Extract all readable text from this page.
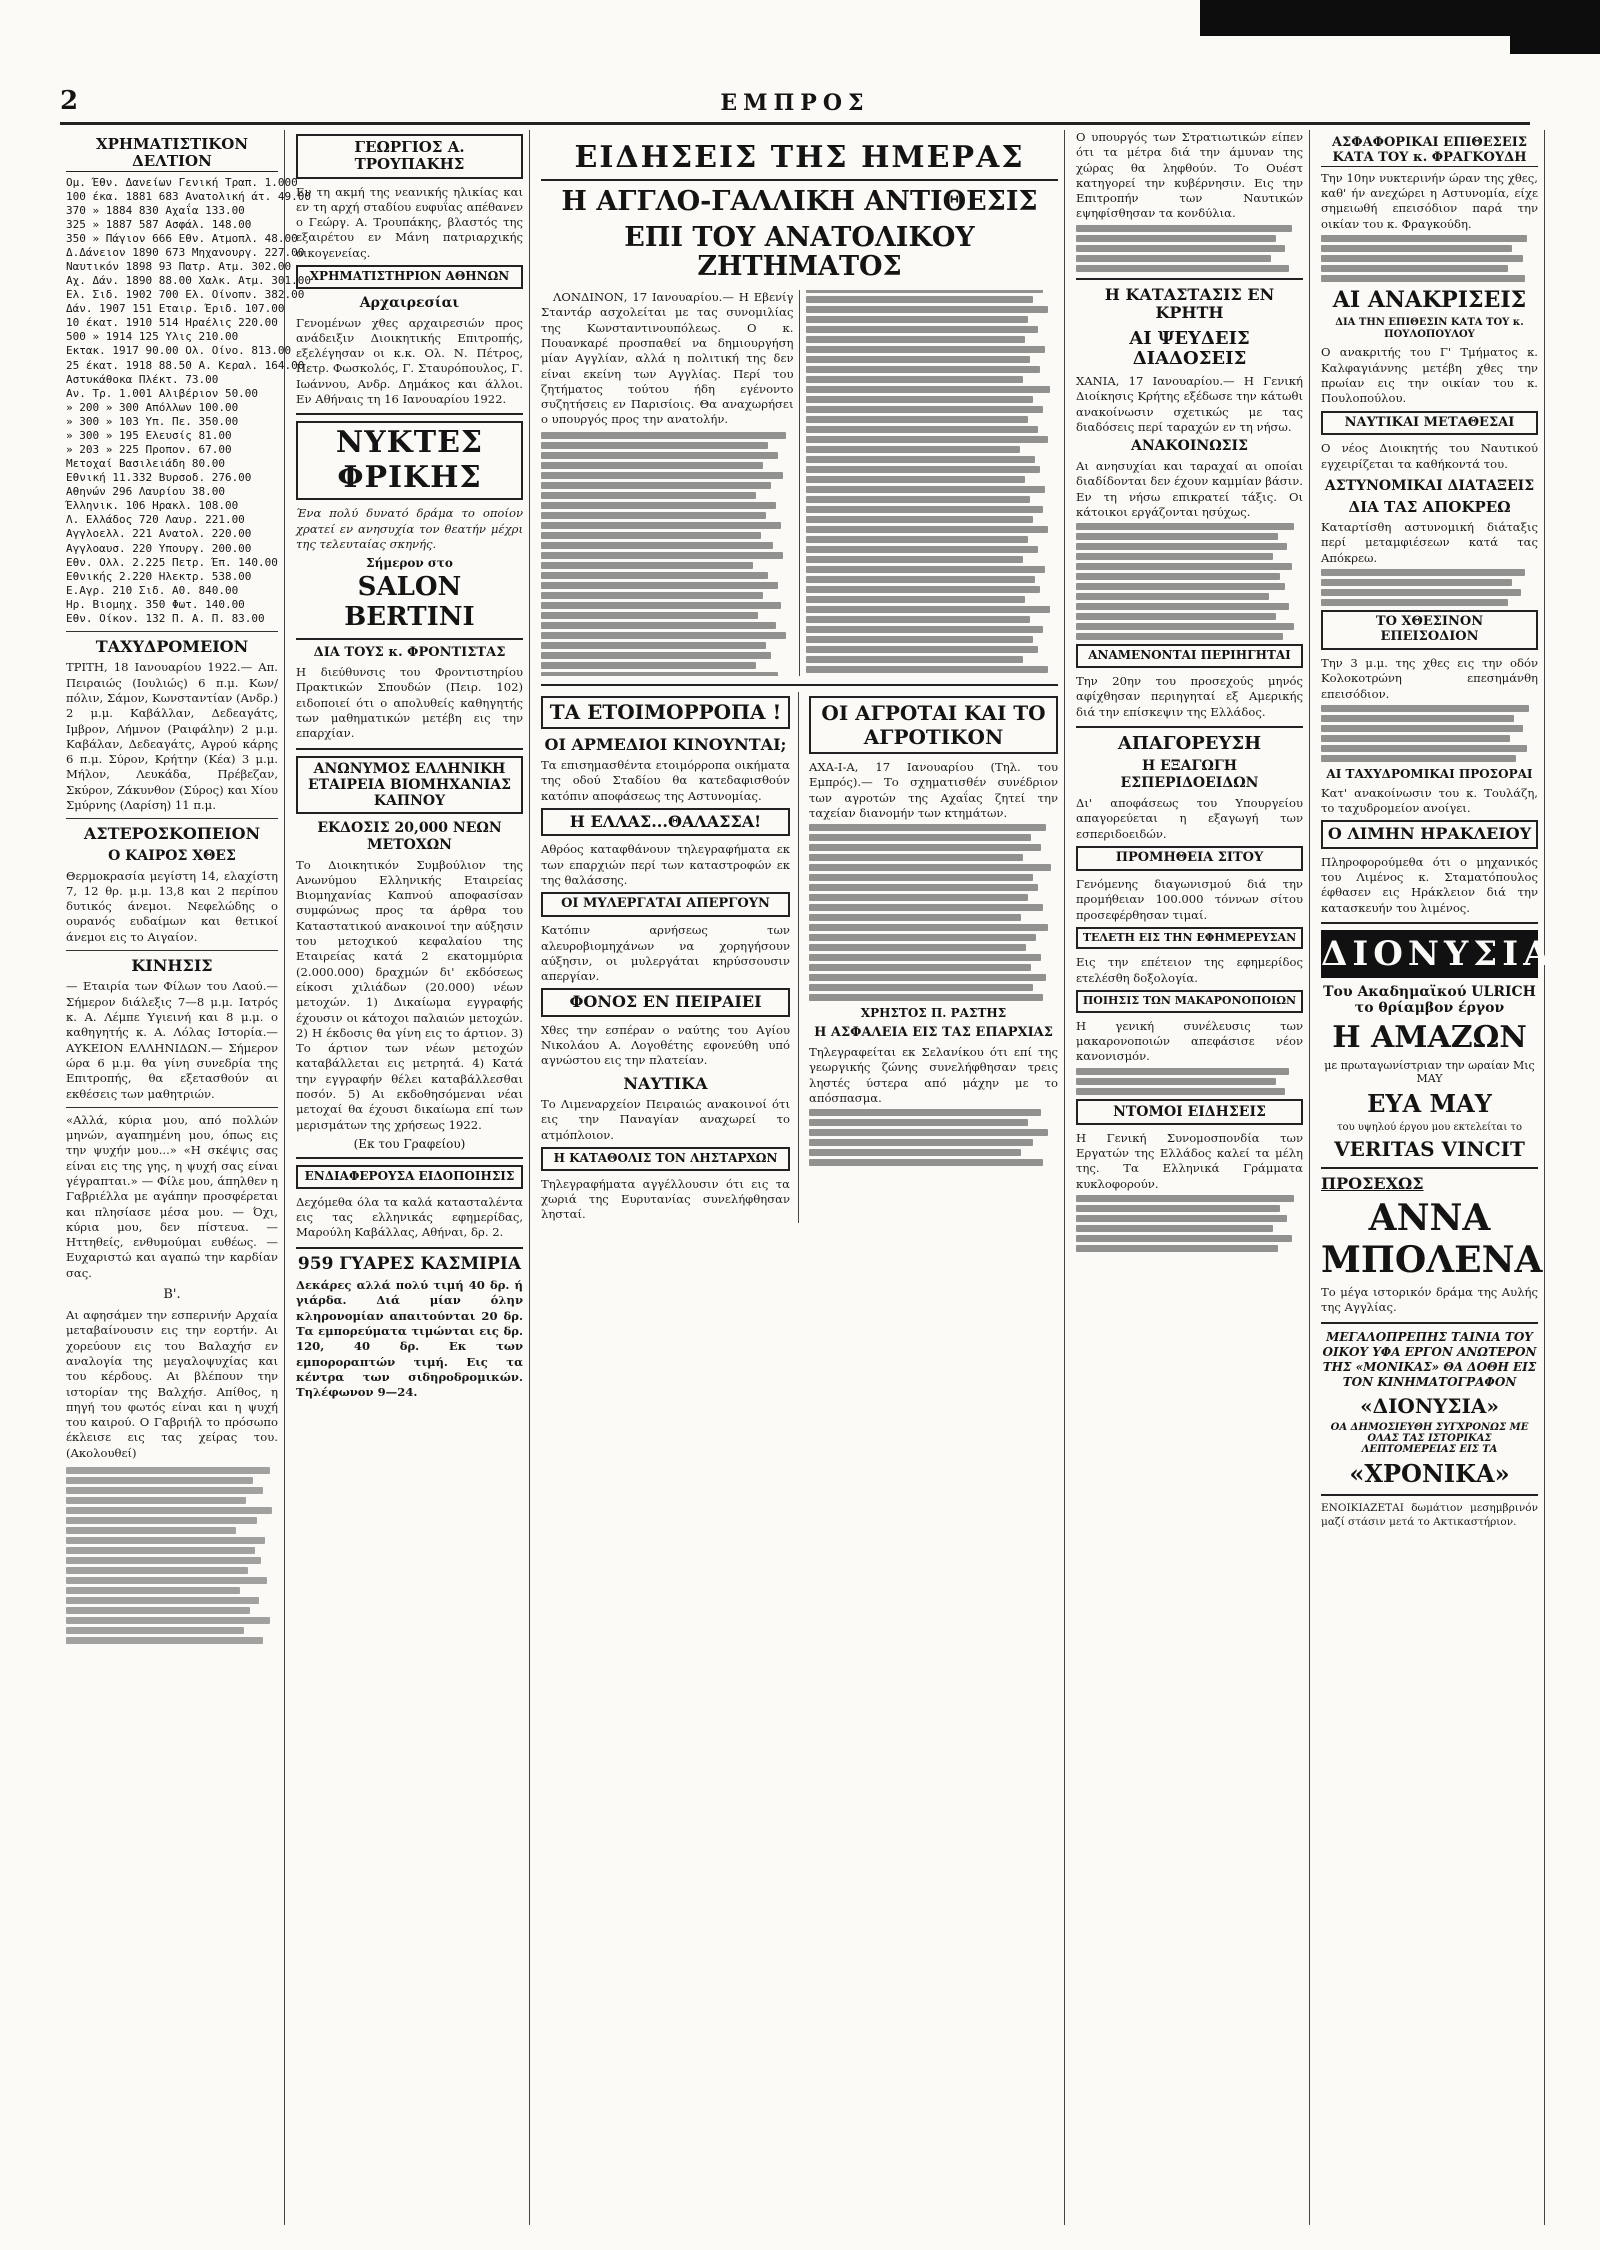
2	ΕΜΠΡΟΣ
ΧΡΗΜΑΤΙΣΤΙΚΟΝ ΔΕΛΤΙΟΝ
Ομ. Έθν. Δανείων Γενική Τραπ. 1.000
100 έκα. 1881 683 Ανατολική άτ. 49.00
370 » 1884 830 Αχαΐα 133.00
325 » 1887 587 Ασφάλ. 148.00
350 » Πάγιον 666 Εθν. Ατμοπλ. 48.00
Δ.Δάνειον 1890 673 Μηχανουργ. 227.00
Ναυτικόν 1898 93 Πατρ. Ατμ. 302.00
Αχ. Δάν. 1890 88.00 Χαλκ. Ατμ. 301.00
Ελ. Σιδ. 1902 700 Ελ. Οίνοπν. 382.00
Δάν. 1907 151 Εταιρ. Έριδ. 107.00
10 έκατ. 1910 514 Ηραέλις 220.00
500 » 1914 125 Υλις 210.00
Εκτακ. 1917 90.00 Ολ. Οίνο. 813.00
25 έκατ. 1918 88.50 Α. Κεραλ. 164.00
Αστυκάθοκα Πλέκτ. 73.00
Αν. Τρ. 1.001 Αλιβέριον 50.00
» 200 » 300 Απόλλων 100.00
» 300 » 103 Υπ. Πε. 350.00
» 300 » 195 Ελευσίς 81.00
» 203 » 225 Προπον. 67.00
Μετοχαί Βασιλειάδη 80.00
Εθνική 11.332 Βυρσοδ. 276.00
Αθηνών 296 Λαυρίου 38.00
Έλληνικ. 106 Ηρακλ. 108.00
Λ. Ελλάδος 720 Λαυρ. 221.00
Αγγλοελλ. 221 Ανατολ. 220.00
Αγγλοαυσ. 220 Υπουργ. 200.00
Εθν. Ολλ. 2.225 Πετρ. Έπ. 140.00
Εθνικής 2.220 Ηλεκτρ. 538.00
Ε.Αγρ. 210 Σιδ. Α0. 840.00
Ηρ. Βιομηχ. 350 Φωτ. 140.00
Εθν. Οίκον. 132 Π. Α. Π. 83.00
ΤΑΧΥΔΡΟΜΕΙΟΝ
ΤΡΙΤΗ, 18 Ιανουαρίου 1922.— Απ. Πειραιώς (Ιουλιώς) 6 π.μ. Κων/πόλιν, Σάμον, Κωνσταντίαν (Ανδρ.) 2 μ.μ. Καβάλλαν, Δεδεαγάτς, Ιμβρον, Λήμνον (Ραιφάλην) 2 μ.μ. Καβάλαν, Δεδεαγάτς, Αγρού κάρης 6 π.μ. Σύρον, Κρήτην (Κέα) 3 μ.μ. Μήλον, Λευκάδα, Πρέβεζαν, Σκύρον, Ζάκυνθον (Σύρος) και Χίου Σμύρνης (Λαρίση) 11 π.μ.
ΑΣΤΕΡΟΣΚΟΠΕΙΟΝ
Ο ΚΑΙΡΟΣ ΧΘΕΣ
Θερμοκρασία μεγίστη 14, ελαχίστη 7, 12 θρ. μ.μ. 13,8 και 2 περίπου δυτικός άνεμοι. Νεφελώδης ο ουρανός ευδαίμων και θετικοί άνεμοι εις το Αιγαίον.
ΚΙΝΗΣΙΣ
— Εταιρία των Φίλων του Λαού.— Σήμερον διάλεξις 7—8 μ.μ. Ιατρός κ. Α. Λέμπε Υγιεινή και 8 μ.μ. ο καθηγητής κ. Α. Λόλας Ιστορία.— ΑΥΚΕΙΟΝ ΕΛΛΗΝΙΔΩΝ.— Σήμερον ώρα 6 μ.μ. θα γίνη συνεδρία της Επιτροπής, θα εξετασθούν αι εκθέσεις των μαθητριών.
«Αλλά, κύρια μου, από πολλών μηνών, αγαπημένη μου, όπως εις την ψυχήν μου...» «Η σκέψις σας είναι εις της γης, η ψυχή σας είναι γέγραπται.» — Φίλε μου, άπηλθεν η Γαβριέλλα με αγάπην προσφέρεται και πλησίασε μέσα μου. — Όχι, κύρια μου, δεν πίστευα. — Ηττηθείς, ενθυμούμαι ευθέως. — Ευχαριστώ και αγαπώ την καρδίαν σας.
Β'.
Αι αφησάμεν την εσπερινήν Αρχαία μεταβαίνουσιν εις την εορτήν. Αι χορεύουν εις του Βαλαχήσ εν αναλογία της μεγαλοψυχίας και του κέρδους. Αι βλέπουν την ιστορίαν της Βαλχήσ. Απίθος, η πηγή του φωτός είναι και η ψυχή του καιρού. Ο Γαβριήλ το πρόσωπο έκλεισε εις τας χείρας του. (Ακολουθεί)
ΓΕΩΡΓΙΟΣ Α. ΤΡΟΥΠΑΚΗΣ
Εν τη ακμή της νεανικής ηλικίας και εν τη αρχή σταδίου ευφυΐας απέθανεν ο Γεώργ. Α. Τρουπάκης, βλαστός της εξαιρέτου εν Μάνη πατριαρχικής οικογενείας.
ΧΡΗΜΑΤΙΣΤΗΡΙΟΝ ΑΘΗΝΩΝ
Αρχαιρεσίαι
Γενομένων χθες αρχαιρεσιών προς ανάδειξιν Διοικητικής Επιτροπής, εξελέγησαν οι κ.κ. Ολ. Ν. Πέτρος, Πετρ. Φωσκολός, Γ. Σταυρόπουλος, Γ. Ιωάννου, Ανδρ. Δημάκος και άλλοι. Εν Αθήναις τη 16 Ιανουαρίου 1922.
ΝΥΚΤΕΣ ΦΡΙΚΗΣ
Ένα πολύ δυνατό δράμα το οποίον χρατεί εν ανησυχία τον θεατήν μέχρι της τελευταίας σκηνής.
Σήμερον στο
SALON BERTINI
ΔΙΑ ΤΟΥΣ κ. ΦΡΟΝΤΙΣΤΑΣ
Η διεύθυνσις του Φροντιστηρίου Πρακτικών Σπουδών (Πειρ. 102) ειδοποιεί ότι ο απολυθείς καθηγητής των μαθηματικών μετέβη εις την επαρχίαν.
ΑΝΩΝΥΜΟΣ ΕΛΛΗΝΙΚΗ ΕΤΑΙΡΕΙΑ ΒΙΟΜΗΧΑΝΙΑΣ ΚΑΠΝΟΥ
ΕΚΔΟΣΙΣ 20,000 ΝΕΩΝ ΜΕΤΟΧΩΝ
Το Διοικητικόν Συμβούλιον της Ανωνύμου Ελληνικής Εταιρείας Βιομηχανίας Καπνού αποφασίσαν συμφώνως προς τα άρθρα του Καταστατικού ανακοινοί την αύξησιν του μετοχικού κεφαλαίου της Εταιρείας κατά 2 εκατομμύρια (2.000.000) δραχμών δι' εκδόσεως είκοσι χιλιάδων (20.000) νέων μετοχών. 1) Δικαίωμα εγγραφής έχουσιν οι κάτοχοι παλαιών μετοχών. 2) Η έκδοσις θα γίνη εις το άρτιον. 3) Το άρτιον των νέων μετοχών καταβάλλεται εις μετρητά. 4) Κατά την εγγραφήν θέλει καταβάλλεσθαι ποσόν. 5) Αι εκδοθησόμεναι νέαι μετοχαί θα έχουσι δικαίωμα επί των μερισμάτων της χρήσεως 1922.
(Εκ του Γραφείου)
ΕΝΔΙΑΦΕΡΟΥΣΑ ΕΙΔΟΠΟΙΗΣΙΣ
Δεχόμεθα όλα τα καλά κατασταλέντα εις τας ελληνικάς εφημερίδας, Μαρούλη Καβάλλας, Αθήναι, δρ. 2.
959 ΓΥΑΡΕΣ ΚΑΣΜΙΡΙΑ
Δεκάρες αλλά πολύ τιμή 40 δρ. ή γιάρδα. Διά μίαν όλην κληρονομίαν απαιτούνται 20 δρ. Τα εμπορεύματα τιμώνται εις δρ. 120, 40 δρ. Εκ των εμποροραπτών τιμή. Εις τα κέντρα των σιδηροδρομικών. Τηλέφωνον 9—24.
ΕΙΔΗΣΕΙΣ ΤΗΣ ΗΜΕΡΑΣ
Η ΑΓΓΛΟ-ΓΑΛΛΙΚΗ ΑΝΤΙΘΕΣΙΣ
ΕΠΙ ΤΟΥ ΑΝΑΤΟΛΙΚΟΥ ΖΗΤΗΜΑΤΟΣ

ΛΟΝΔΙΝΟΝ, 17 Ιανουαρίου.— Η Εβενίγ Σταντάρ ασχολείται με τας συνομιλίας της Κωνσταντινουπόλεως. Ο κ. Πουανκαρέ προσπαθεί να δημιουργήση μίαν Αγγλίαν, αλλά η πολιτική της δεν είναι εκείνη των Αγγλίας. Περί του ζητήματος τούτου ήδη εγένοντο συζητήσεις εν Παρισίοις. Θα αναχωρήσει ο υπουργός προς την ανατολήν.

ΤΑ ΕΤΟΙΜΟΡΡΟΠΑ !
ΟΙ ΑΡΜΕΔΙΟΙ ΚΙΝΟΥΝΤΑΙ;
Τα επισημασθέντα ετοιμόρροπα οικήματα της οδού Σταδίου θα κατεδαφισθούν κατόπιν αποφάσεως της Αστυνομίας.
Η ΕΛΛΑΣ...ΘΑΛΑΣΣΑ!
Αθρόος καταφθάνουν τηλεγραφήματα εκ των επαρχιών περί των καταστροφών εκ της θαλάσσης.
ΟΙ ΜΥΛΕΡΓΑΤΑΙ ΑΠΕΡΓΟΥΝ
Κατόπιν αρνήσεως των αλευροβιομηχάνων να χορηγήσουν αύξησιν, οι μυλεργάται κηρύσσουσιν απεργίαν.
ΦΟΝΟΣ ΕΝ ΠΕΙΡΑΙΕΙ
Χθες την εσπέραν ο ναύτης του Αγίου Νικολάου Α. Λογοθέτης εφονεύθη υπό αγνώστου εις την πλατείαν.
ΝΑΥΤΙΚΑ
Το Λιμεναρχείον Πειραιώς ανακοινοί ότι εις την Παναγίαν αναχωρεί το ατμόπλοιον.
Η ΚΑΤΑΘΟΛΙΣ ΤΟΝ ΛΗΣΤΑΡΧΩΝ
Τηλεγραφήματα αγγέλλουσιν ότι εις τα χωριά της Ευρυτανίας συνελήφθησαν λησταί.
ΟΙ ΑΓΡΟΤΑΙ ΚΑΙ ΤΟ ΑΓΡΟΤΙΚΟΝ
ΑΧΑ-Ι-Α, 17 Ιανουαρίου (Τηλ. του Εμπρός).— Το σχηματισθέν συνέδριον των αγροτών της Αχαΐας ζητεί την ταχείαν διανομήν των κτημάτων.
ΧΡΗΣΤΟΣ Π. ΡΑΣΤΗΣ
Η ΑΣΦΑΛΕΙΑ ΕΙΣ ΤΑΣ ΕΠΑΡΧΙΑΣ
Τηλεγραφείται εκ Σελανίκου ότι επί της γεωργικής ζώνης συνελήφθησαν τρεις ληστές ύστερα από μάχην με το απόσπασμα.
Ο υπουργός των Στρατιωτικών είπεν ότι τα μέτρα διά την άμυναν της χώρας θα ληφθούν. Το Ουέστ κατηγορεί την κυβέρνησιν. Εις την Επιτροπήν των Ναυτικών εψηφίσθησαν τα κονδύλια.
Η ΚΑΤΑΣΤΑΣΙΣ ΕΝ ΚΡΗΤΗ
ΑΙ ΨΕΥΔΕΙΣ ΔΙΑΔΟΣΕΙΣ
ΧΑΝΙΑ, 17 Ιανουαρίου.— Η Γενική Διοίκησις Κρήτης εξέδωσε την κάτωθι ανακοίνωσιν σχετικώς με τας διαδόσεις περί ταραχών εν τη νήσω.
ΑΝΑΚΟΙΝΩΣΙΣ
Αι ανησυχίαι και ταραχαί αι οποίαι διαδίδονται δεν έχουν καμμίαν βάσιν. Εν τη νήσω επικρατεί τάξις. Οι κάτοικοι εργάζονται ησύχως.
ΑΝΑΜΕΝΟΝΤΑΙ ΠΕΡΙΗΓΗΤΑΙ
Την 20ην του προσεχούς μηνός αφίχθησαν περιηγηταί εξ Αμερικής διά την επίσκεψιν της Ελλάδος.
ΑΠΑΓΟΡΕΥΣΗ
Η ΕΞΑΓΩΓΗ ΕΣΠΕΡΙΔΟΕΙΔΩΝ
Δι' αποφάσεως του Υπουργείου απαγορεύεται η εξαγωγή των εσπεριδοειδών.
ΠΡΟΜΗΘΕΙΑ ΣΙΤΟΥ
Γενόμενης διαγωνισμού διά την προμήθειαν 100.000 τόννων σίτου προσεφέρθησαν τιμαί.
ΤΕΛΕΤΗ ΕΙΣ ΤΗΝ ΕΦΗΜΕΡΕΥΣΑΝ
Εις την επέτειον της εφημερίδος ετελέσθη δοξολογία.
ΠΟΙΗΣΙΣ ΤΩΝ ΜΑΚΑΡΟΝΟΠΟΙΩΝ
Η γενική συνέλευσις των μακαρονοποιών απεφάσισε νέον κανονισμόν.
ΝΤΟΜΟΙ ΕΙΔΗΣΕΙΣ
Η Γενική Συνομοσπονδία των Εργατών της Ελλάδος καλεί τα μέλη της. Τα Ελληνικά Γράμματα κυκλοφορούν.
ΑΣΦΑΦΟΡΙΚΑΙ ΕΠΙΘΕΣΕΙΣ ΚΑΤΑ ΤΟΥ κ. ΦΡΑΓΚΟΥΔΗ
Την 10ην νυκτερινήν ώραν της χθες, καθ' ήν ανεχώρει η Αστυνομία, είχε σημειωθή επεισόδιον παρά την οικίαν του κ. Φραγκούδη.
ΑΙ ΑΝΑΚΡΙΣΕΙΣ
ΔΙΑ ΤΗΝ ΕΠΙΘΕΣΙΝ ΚΑΤΑ ΤΟΥ κ. ΠΟΥΛΟΠΟΥΛΟΥ
Ο ανακριτής του Γ' Τμήματος κ. Καλφαγιάννης μετέβη χθες την πρωίαν εις την οικίαν του κ. Πουλοπούλου.
ΝΑΥΤΙΚΑΙ ΜΕΤΑΘΕΣΑΙ
Ο νέος Διοικητής του Ναυτικού εγχειρίζεται τα καθήκοντά του.
ΑΣΤΥΝΟΜΙΚΑΙ ΔΙΑΤΑΞΕΙΣ
ΔΙΑ ΤΑΣ ΑΠΟΚΡΕΩ
Καταρτίσθη αστυνομική διάταξις περί μεταμφιέσεων κατά τας Απόκρεω.
ΤΟ ΧΘΕΣΙΝΟΝ ΕΠΕΙΣΟΔΙΟΝ
Την 3 μ.μ. της χθες εις την οδόν Κολοκοτρώνη επεσημάνθη επεισόδιον.
ΑΙ ΤΑΧΥΔΡΟΜΙΚΑΙ ΠΡΟΣΟΡΑΙ
Κατ' ανακοίνωσιν του κ. Τουλάζη, το ταχυδρομείον ανοίγει.
Ο ΛΙΜΗΝ ΗΡΑΚΛΕΙΟΥ
Πληροφορούμεθα ότι ο μηχανικός του Λιμένος κ. Σταματόπουλος έφθασεν εις Ηράκλειον διά την κατασκευήν του λιμένος.
ΔΙΟΝΥΣΙΑ
Του Ακαδημαϊκού ULRICH το θρίαμβον έργον
Η ΑΜΑΖΩΝ
με πρωταγωνίστριαν την ωραίαν Μις MAY
ΕΥΑ ΜΑΥ
του υψηλού έργου μου εκτελείται το
VERITAS VINCIT
ΠΡΟΣΕΧΩΣ
ΑΝΝΑ ΜΠΟΛΕΝΑ
Το μέγα ιστορικόν δράμα της Αυλής της Αγγλίας.
ΜΕΓΑΛΟΠΡΕΠΗΣ ΤΑΙΝΙΑ ΤΟΥ ΟΙΚΟΥ ΥΦΑ ΕΡΓΟΝ ΑΝΩΤΕΡΟΝ ΤΗΣ «ΜΟΝΙΚΑΣ» ΘΑ ΔΟΘΗ ΕΙΣ ΤΟΝ ΚΙΝΗΜΑΤΟΓΡΑΦΟΝ
«ΔΙΟΝΥΣΙΑ»
ΟΑ ΔΗΜΟΣΙΕΥΘΗ ΣΥΓΧΡΟΝΩΣ ΜΕ ΟΛΑΣ ΤΑΣ ΙΣΤΟΡΙΚΑΣ ΛΕΠΤΟΜΕΡΕΙΑΣ ΕΙΣ ΤΑ
«ΧΡΟΝΙΚΑ»
ΕΝΟΙΚΙΑΖΕΤΑΙ δωμάτιον μεσημβρινόν μαζί στάσιν μετά το Ακτικαστήριον.
